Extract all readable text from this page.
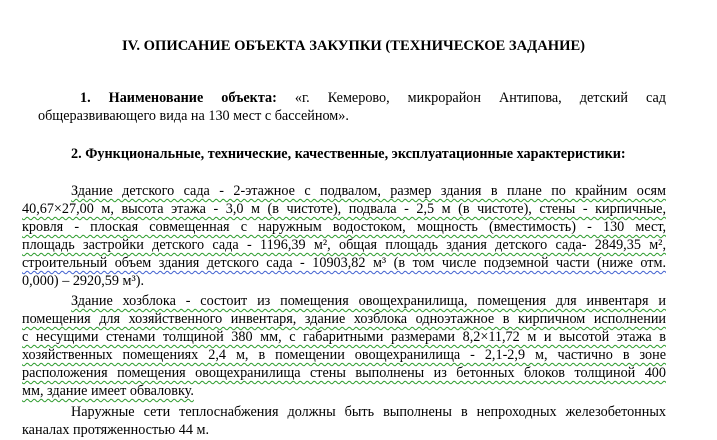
IV. ОПИСАНИЕ ОБЪЕКТА ЗАКУПКИ (ТЕХНИЧЕСКОЕ ЗАДАНИЕ)
1. Наименование объекта: «г. Кемерово, микрорайон Антипова, детский сад
общеразвивающего вида на 130 мест с бассейном».
2. Функциональные, технические, качественные, эксплуатационные характеристики:
Здание детского сада - 2-этажное с подвалом, размер здания в плане по крайним осям
40,67×27,00 м, высота этажа - 3,0 м (в чистоте), подвала - 2,5 м (в чистоте), стены - кирпичные,
кровля - плоская совмещенная с наружным водостоком, мощность (вместимость) - 130 мест,
площадь застройки детского сада - 1196,39 м², общая площадь здания детского сада- 2849,35 м²,
строительный объем здания детского сада - 10903,82 м³ (в том числе подземной части (ниже отм.
0,000) – 2920,59 м³).
Здание хозблока - состоит из помещения овощехранилища, помещения для инвентаря и
помещения для хозяйственного инвентаря, здание хозблока одноэтажное в кирпичном исполнении
с несущими стенами толщиной 380 мм, с габаритными размерами 8,2×11,72 м и высотой этажа в
хозяйственных помещениях 2,4 м, в помещении овощехранилища - 2,1-2,9 м, частично в зоне
расположения помещения овощехранилища стены выполнены из бетонных блоков толщиной 400
мм, здание имеет обваловку.
Наружные сети теплоснабжения должны быть выполнены в непроходных железобетонных
каналах протяженностью 44 м.
